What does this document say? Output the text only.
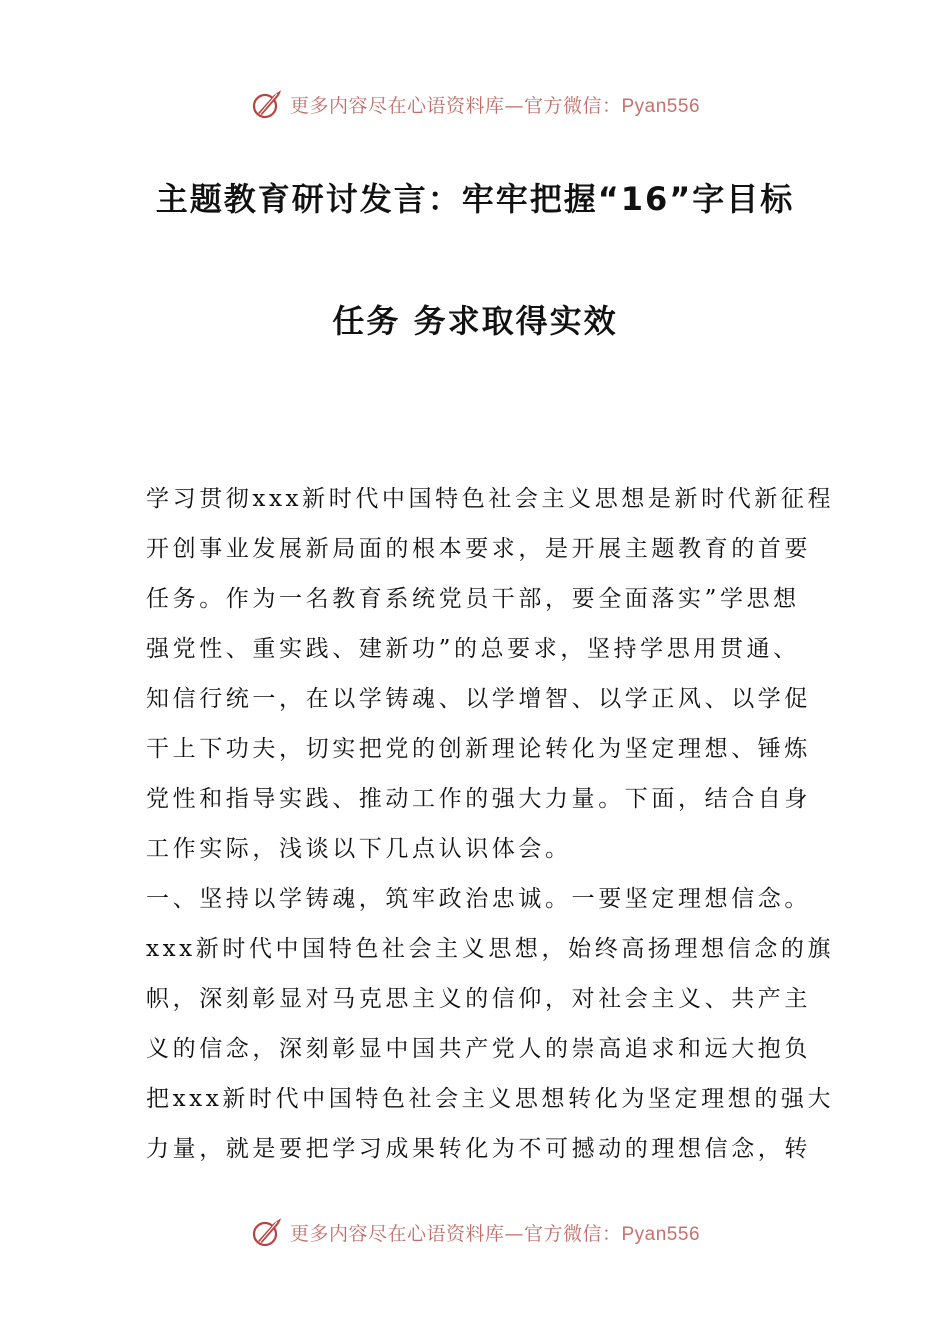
更多内容尽在心语资料库—官方微信：Pyan556
主题教育研讨发言：牢牢把握“16”字目标
任务 务求取得实效
学习贯彻xxx新时代中国特色社会主义思想是新时代新征程
开创事业发展新局面的根本要求，是开展主题教育的首要
任务。作为一名教育系统党员干部，要全面落实”学思想
强党性、重实践、建新功”的总要求，坚持学思用贯通、
知信行统一，在以学铸魂、以学增智、以学正风、以学促
干上下功夫，切实把党的创新理论转化为坚定理想、锤炼
党性和指导实践、推动工作的强大力量。下面，结合自身
工作实际，浅谈以下几点认识体会。
一、坚持以学铸魂，筑牢政治忠诚。一要坚定理想信念。
xxx新时代中国特色社会主义思想，始终高扬理想信念的旗
帜，深刻彰显对马克思主义的信仰，对社会主义、共产主
义的信念，深刻彰显中国共产党人的崇高追求和远大抱负
把xxx新时代中国特色社会主义思想转化为坚定理想的强大
力量，就是要把学习成果转化为不可撼动的理想信念，转
更多内容尽在心语资料库—官方微信：Pyan556
